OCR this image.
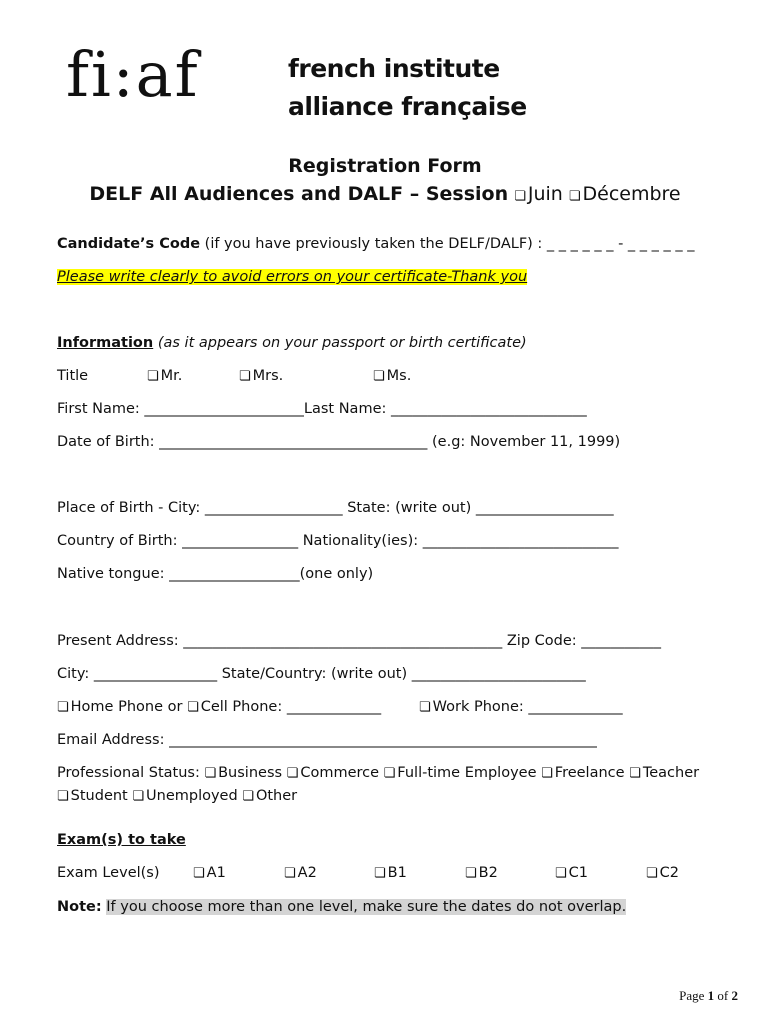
fi:af	french institute
alliance française
Registration Form
DELF All Audiences and DALF – Session ❏ Juin ❏ Décembre
Candidate’s Code (if you have previously taken the DELF/DALF) : _ _ _ _ _ _ - _ _ _ _ _ _
Please write clearly to avoid errors on your certificate-Thank you
Information (as it appears on your passport or birth certificate)
Title	❏ Mr.	❏ Mrs.	❏ Ms.
First Name: ______________________Last Name: ___________________________
Date of Birth: _____________________________________ (e.g: November 11, 1999)
Place of Birth - City: ___________________ State: (write out) ___________________
Country of Birth: ________________ Nationality(ies): ___________________________
Native tongue: __________________(one only)
Present Address: ____________________________________________ Zip Code: ___________
City: _________________ State/Country: (write out) ________________________
❏ Home Phone or ❏ Cell Phone: _____________	❏ Work Phone: _____________
Email Address: ___________________________________________________________
Professional Status: ❏ Business ❏ Commerce ❏ Full-time Employee ❏ Freelance ❏ Teacher
❏ Student ❏ Unemployed ❏ Other
Exam(s) to take
Exam Level(s)	❏ A1	❏ A2	❏ B1	❏ B2	❏ C1	❏ C2
Note: If you choose more than one level, make sure the dates do not overlap.
Page 1 of 2
